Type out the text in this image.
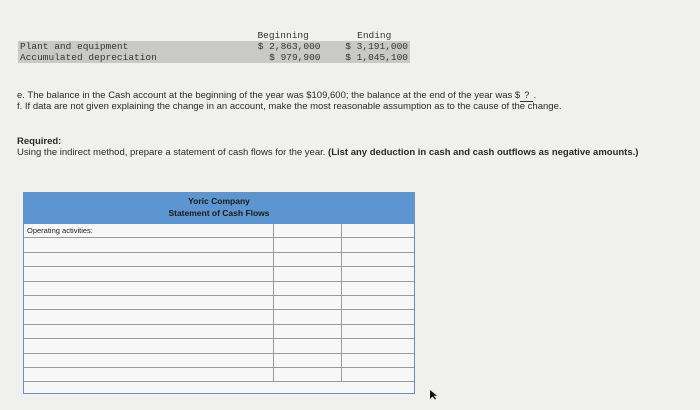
	Beginning	Ending
Plant and equipment	$ 2,863,000	$ 3,191,000
Accumulated depreciation	$ 979,900	$ 1,045,100
e. The balance in the Cash account at the beginning of the year was $109,600; the balance at the end of the year was $ ? .
f. If data are not given explaining the change in an account, make the most reasonable assumption as to the cause of the change.
Required:
Using the indirect method, prepare a statement of cash flows for the year. (List any deduction in cash and cash outflows as negative amounts.)
Yoric Company
Statement of Cash Flows
Operating activities:
